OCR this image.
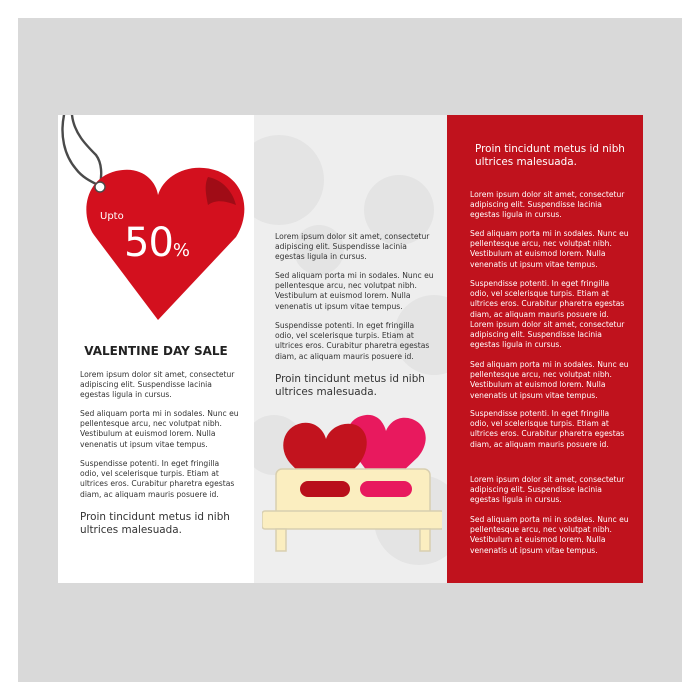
Upto
50%
VALENTINE DAY SALE

Lorem ipsum dolor sit amet, consectetur adipiscing elit. Suspendisse lacinia egestas ligula in cursus.

Sed aliquam porta mi in sodales. Nunc eu pellentesque arcu, nec volutpat nibh. Vestibulum at euismod lorem. Nulla venenatis ut ipsum vitae tempus.

Suspendisse potenti. In eget fringilla odio, vel scelerisque turpis. Etiam at ultrices eros. Curabitur pharetra egestas diam, ac aliquam mauris posuere id.

Proin tincidunt metus id nibh ultrices malesuada.

Lorem ipsum dolor sit amet, consectetur adipiscing elit. Suspendisse lacinia egestas ligula in cursus.

Sed aliquam porta mi in sodales. Nunc eu pellentesque arcu, nec volutpat nibh. Vestibulum at euismod lorem. Nulla venenatis ut ipsum vitae tempus.

Suspendisse potenti. In eget fringilla odio, vel scelerisque turpis. Etiam at ultrices eros. Curabitur pharetra egestas diam, ac aliquam mauris posuere id.

Proin tincidunt metus id nibh ultrices malesuada.

Proin tincidunt metus id nibh ultrices malesuada.

Lorem ipsum dolor sit amet, consectetur adipiscing elit. Suspendisse lacinia egestas ligula in cursus.

Sed aliquam porta mi in sodales. Nunc eu pellentesque arcu, nec volutpat nibh. Vestibulum at euismod lorem. Nulla venenatis ut ipsum vitae tempus.

Suspendisse potenti. In eget fringilla odio, vel scelerisque turpis. Etiam at ultrices eros. Curabitur pharetra egestas diam, ac aliquam mauris posuere id.

Lorem ipsum dolor sit amet, consectetur adipiscing elit. Suspendisse lacinia egestas ligula in cursus.

Sed aliquam porta mi in sodales. Nunc eu pellentesque arcu, nec volutpat nibh. Vestibulum at euismod lorem. Nulla venenatis ut ipsum vitae tempus.

Suspendisse potenti. In eget fringilla odio, vel scelerisque turpis. Etiam at ultrices eros. Curabitur pharetra egestas diam, ac aliquam mauris posuere id.

Lorem ipsum dolor sit amet, consectetur adipiscing elit. Suspendisse lacinia egestas ligula in cursus.

Sed aliquam porta mi in sodales. Nunc eu pellentesque arcu, nec volutpat nibh. Vestibulum at euismod lorem. Nulla venenatis ut ipsum vitae tempus.
